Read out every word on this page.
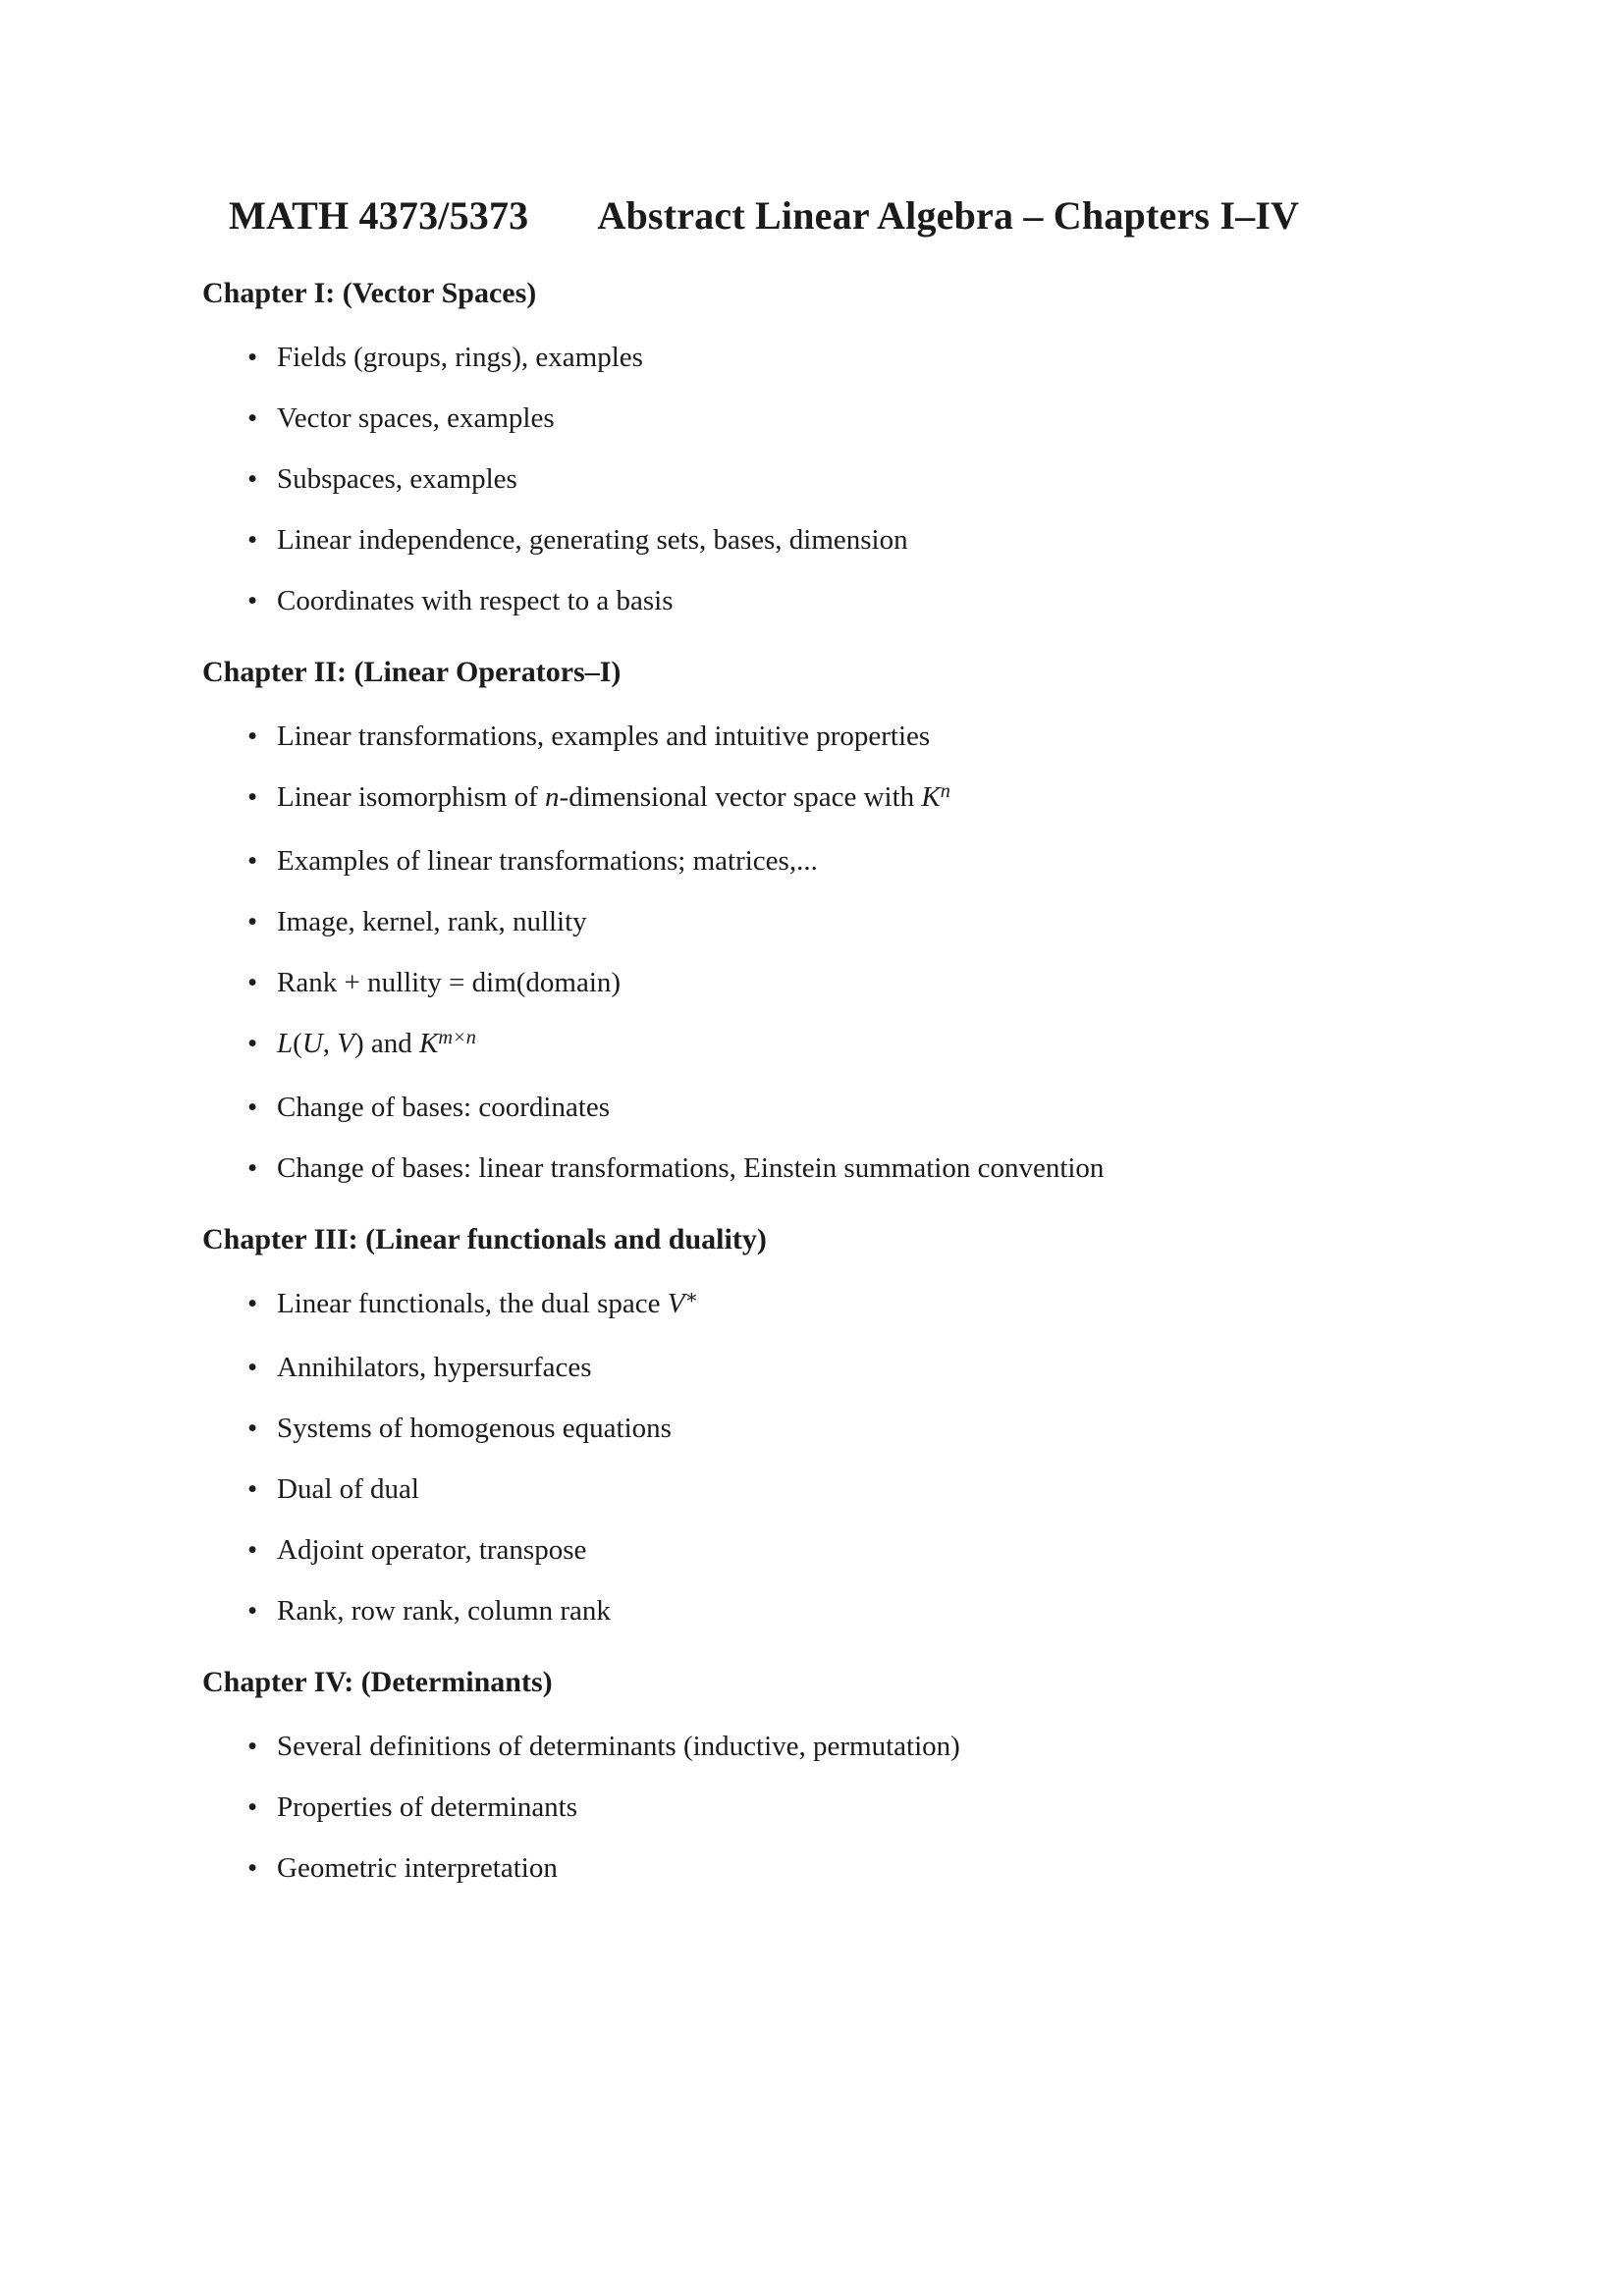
MATH 4373/5373 Abstract Linear Algebra – Chapters I–IV
Chapter I: (Vector Spaces)
• Fields (groups, rings), examples
• Vector spaces, examples
• Subspaces, examples
• Linear independence, generating sets, bases, dimension
• Coordinates with respect to a basis
Chapter II: (Linear Operators–I)
• Linear transformations, examples and intuitive properties
• Linear isomorphism of n-dimensional vector space with $K^n$
• Examples of linear transformations; matrices,...
• Image, kernel, rank, nullity
• Rank + nullity = dim(domain)
• L(U, V) and $K^{m\times n}$
• Change of bases: coordinates
• Change of bases: linear transformations, Einstein summation convention
Chapter III: (Linear functionals and duality)
• Linear functionals, the dual space V∗
• Annihilators, hypersurfaces
• Systems of homogenous equations
• Dual of dual
• Adjoint operator, transpose
• Rank, row rank, column rank
Chapter IV: (Determinants)
• Several definitions of determinants (inductive, permutation)
• Properties of determinants
• Geometric interpretation
